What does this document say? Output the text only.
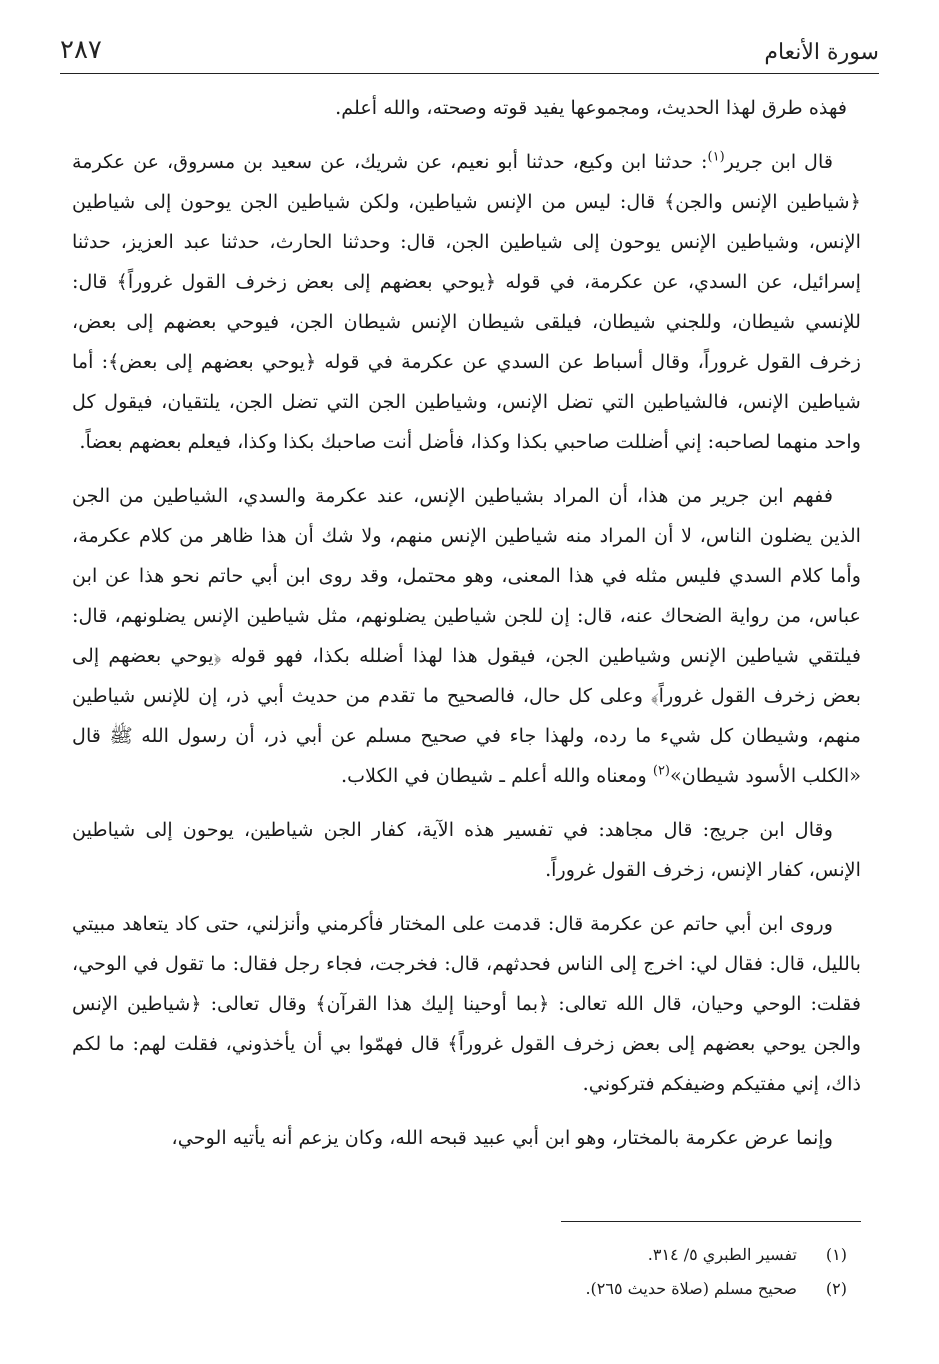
سورة الأنعام
٢٨٧

فهذه طرق لهذا الحديث، ومجموعها يفيد قوته وصحته، والله أعلم.

قال ابن جرير$^{(١)}$: حدثنا ابن وكيع، حدثنا أبو نعيم، عن شريك، عن سعيد بن مسروق، عن عكرمة ﴿شياطين الإنس والجن﴾ قال: ليس من الإنس شياطين، ولكن شياطين الجن يوحون إلى شياطين الإنس، وشياطين الإنس يوحون إلى شياطين الجن، قال: وحدثنا الحارث، حدثنا عبد العزيز، حدثنا إسرائيل، عن السدي، عن عكرمة، في قوله ﴿يوحي بعضهم إلى بعض زخرف القول غروراً﴾ قال: للإنسي شيطان، وللجني شيطان، فيلقى شيطان الإنس شيطان الجن، فيوحي بعضهم إلى بعض، زخرف القول غروراً، وقال أسباط عن السدي عن عكرمة في قوله ﴿يوحي بعضهم إلى بعض﴾: أما شياطين الإنس، فالشياطين التي تضل الإنس، وشياطين الجن التي تضل الجن، يلتقيان، فيقول كل واحد منهما لصاحبه: إني أضللت صاحبي بكذا وكذا، فأضل أنت صاحبك بكذا وكذا، فيعلم بعضهم بعضاً.

ففهم ابن جرير من هذا، أن المراد بشياطين الإنس، عند عكرمة والسدي، الشياطين من الجن الذين يضلون الناس، لا أن المراد منه شياطين الإنس منهم، ولا شك أن هذا ظاهر من كلام عكرمة، وأما كلام السدي فليس مثله في هذا المعنى، وهو محتمل، وقد روى ابن أبي حاتم نحو هذا عن ابن عباس، من رواية الضحاك عنه، قال: إن للجن شياطين يضلونهم، مثل شياطين الإنس يضلونهم، قال: فيلتقي شياطين الإنس وشياطين الجن، فيقول هذا لهذا أضلله بكذا، فهو قوله ﴿يوحي بعضهم إلى بعض زخرف القول غروراً﴾ وعلى كل حال، فالصحيح ما تقدم من حديث أبي ذر، إن للإنس شياطين منهم، وشيطان كل شيء ما رده، ولهذا جاء في صحيح مسلم عن أبي ذر، أن رسول الله ﷺ قال «الكلب الأسود شيطان»$^{(٢)}$ ومعناه والله أعلم ـ شيطان في الكلاب.

وقال ابن جريج: قال مجاهد: في تفسير هذه الآية، كفار الجن شياطين، يوحون إلى شياطين الإنس، كفار الإنس، زخرف القول غروراً.

وروى ابن أبي حاتم عن عكرمة قال: قدمت على المختار فأكرمني وأنزلني، حتى كاد يتعاهد مبيتي بالليل، قال: فقال لي: اخرج إلى الناس فحدثهم، قال: فخرجت، فجاء رجل فقال: ما تقول في الوحي، فقلت: الوحي وحيان، قال الله تعالى: ﴿بما أوحينا إليك هذا القرآن﴾ وقال تعالى: ﴿شياطين الإنس والجن يوحي بعضهم إلى بعض زخرف القول غروراً﴾ قال فهمّوا بي أن يأخذوني، فقلت لهم: ما لكم ذاك، إني مفتيكم وضيفكم فتركوني.

وإنما عرض عكرمة بالمختار، وهو ابن أبي عبيد قبحه الله، وكان يزعم أنه يأتيه الوحي،

(١)
تفسير الطبري ٥/ ٣١٤.
(٢)
صحيح مسلم (صلاة حديث ٢٦٥).
